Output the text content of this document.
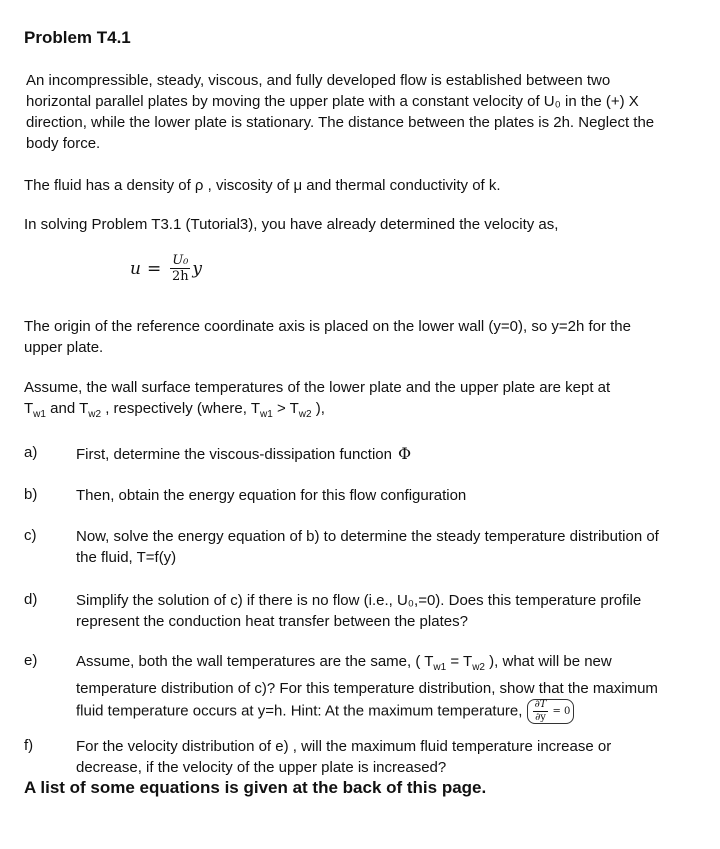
Problem T4.1
An incompressible, steady, viscous, and fully developed flow is established between two horizontal parallel plates by moving the upper plate with a constant velocity of U₀ in the (+) X direction, while the lower plate is stationary. The distance between the plates is 2h. Neglect the body force.
The fluid has a density of ρ , viscosity of μ and thermal conductivity of k.
In solving Problem T3.1 (Tutorial3), you have already determined the velocity as,
$u = \frac{\text{U₀}}{2h}$ y
The origin of the reference coordinate axis is placed on the lower wall (y=0), so y=2h for the upper plate.
Assume, the wall surface temperatures of the lower plate and the upper plate are kept at
$T_{w1}$ and $T_{w2}$ , respectively (where, $T_{w1} > T_{w2}$ ),
a)	First, determine the viscous-dissipation function Φ
b)	Then, obtain the energy equation for this flow configuration
c)	Now, solve the energy equation of b) to determine the steady temperature distribution of the fluid, T=f(y)
d)	Simplify the solution of c) if there is no flow (i.e., U₀,=0). Does this temperature profile represent the conduction heat transfer between the plates?
e)	Assume, both the wall temperatures are the same, ( $T_{w1} = T_{w2}$ ), what will be new temperature distribution of c)? For this temperature distribution, show that the maximum fluid temperature occurs at y=h. Hint: At the maximum temperature, $\frac{\partial T}{\partial y} = 0$
f)	For the velocity distribution of e) , will the maximum fluid temperature increase or decrease, if the velocity of the upper plate is increased?
A list of some equations is given at the back of this page.
